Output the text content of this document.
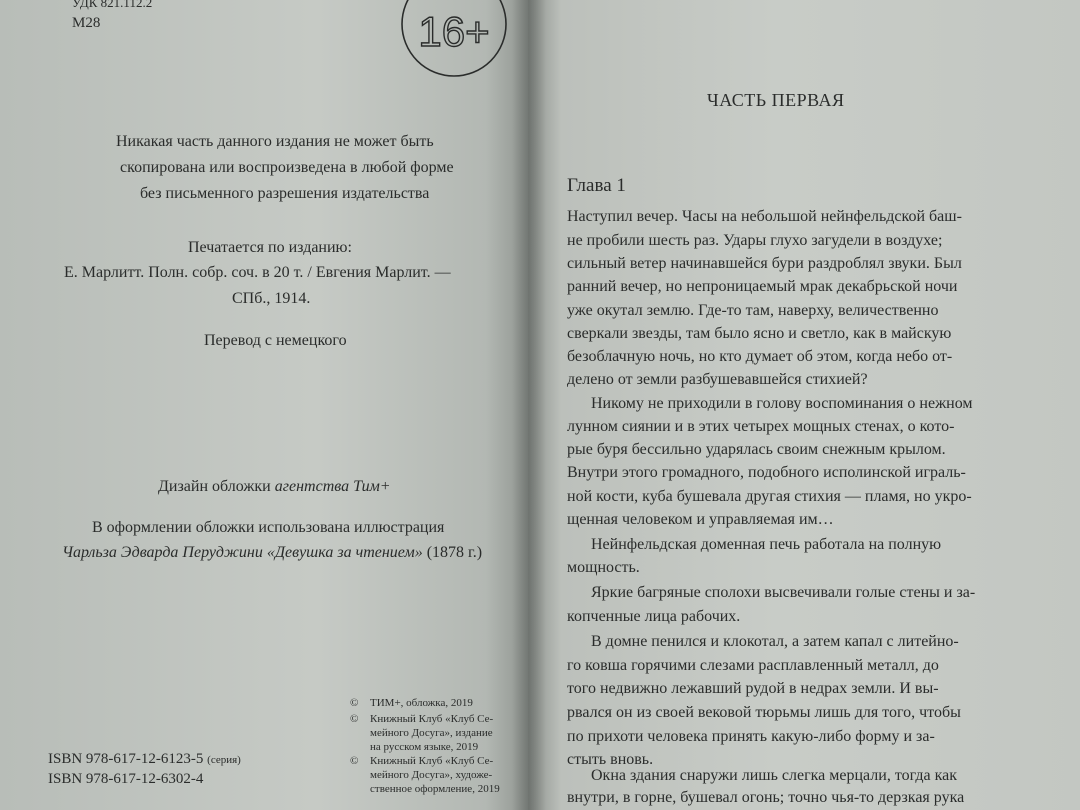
УДК 821.112.2
М28	16+
Никакая часть данного издания не может быть
скопирована или воспроизведена в любой форме
без письменного разрешения издательства
Печатается по изданию:
Е. Марлитт. Полн. собр. соч. в 20 т. / Евгения Марлит. —
СПб., 1914.
Перевод с немецкого
Дизайн обложки агентства Тим+
В оформлении обложки использована иллюстрация
Чарльза Эдварда Перуджини «Девушка за чтением» (1878 г.)
© ТИМ+, обложка, 2019
© Книжный Клуб «Клуб Се-
мейного Досуга», издание
на русском языке, 2019
© Книжный Клуб «Клуб Се-
мейного Досуга», художе-
ственное оформление, 2019
ISBN 978-617-12-6123-5 (серия)
ISBN 978-617-12-6302-4
ЧАСТЬ ПЕРВАЯ
Глава 1
Наступил вечер. Часы на небольшой нейнфельдской баш-
не пробили шесть раз. Удары глухо загудели в воздухе;
сильный ветер начинавшейся бури раздроблял звуки. Был
ранний вечер, но непроницаемый мрак декабрьской ночи
уже окутал землю. Где-то там, наверху, величественно
сверкали звезды, там было ясно и светло, как в майскую
безоблачную ночь, но кто думает об этом, когда небо от-
делено от земли разбушевавшейся стихией?
Никому не приходили в голову воспоминания о нежном
лунном сиянии и в этих четырех мощных стенах, о кото-
рые буря бессильно ударялась своим снежным крылом.
Внутри этого громадного, подобного исполинской играль-
ной кости, куба бушевала другая стихия — пламя, но укро-
щенная человеком и управляемая им…
Нейнфельдская доменная печь работала на полную
мощность.
Яркие багряные сполохи высвечивали голые стены и за-
копченные лица рабочих.
В домне пенился и клокотал, а затем капал с литейно-
го ковша горячими слезами расплавленный металл, до
того недвижно лежавший рудой в недрах земли. И вы-
рвался он из своей вековой тюрьмы лишь для того, чтобы
по прихоти человека принять какую-либо форму и за-
стыть вновь.
Окна здания снаружи лишь слегка мерцали, тогда как
внутри, в горне, бушевал огонь; точно чья-то дерзкая рука
